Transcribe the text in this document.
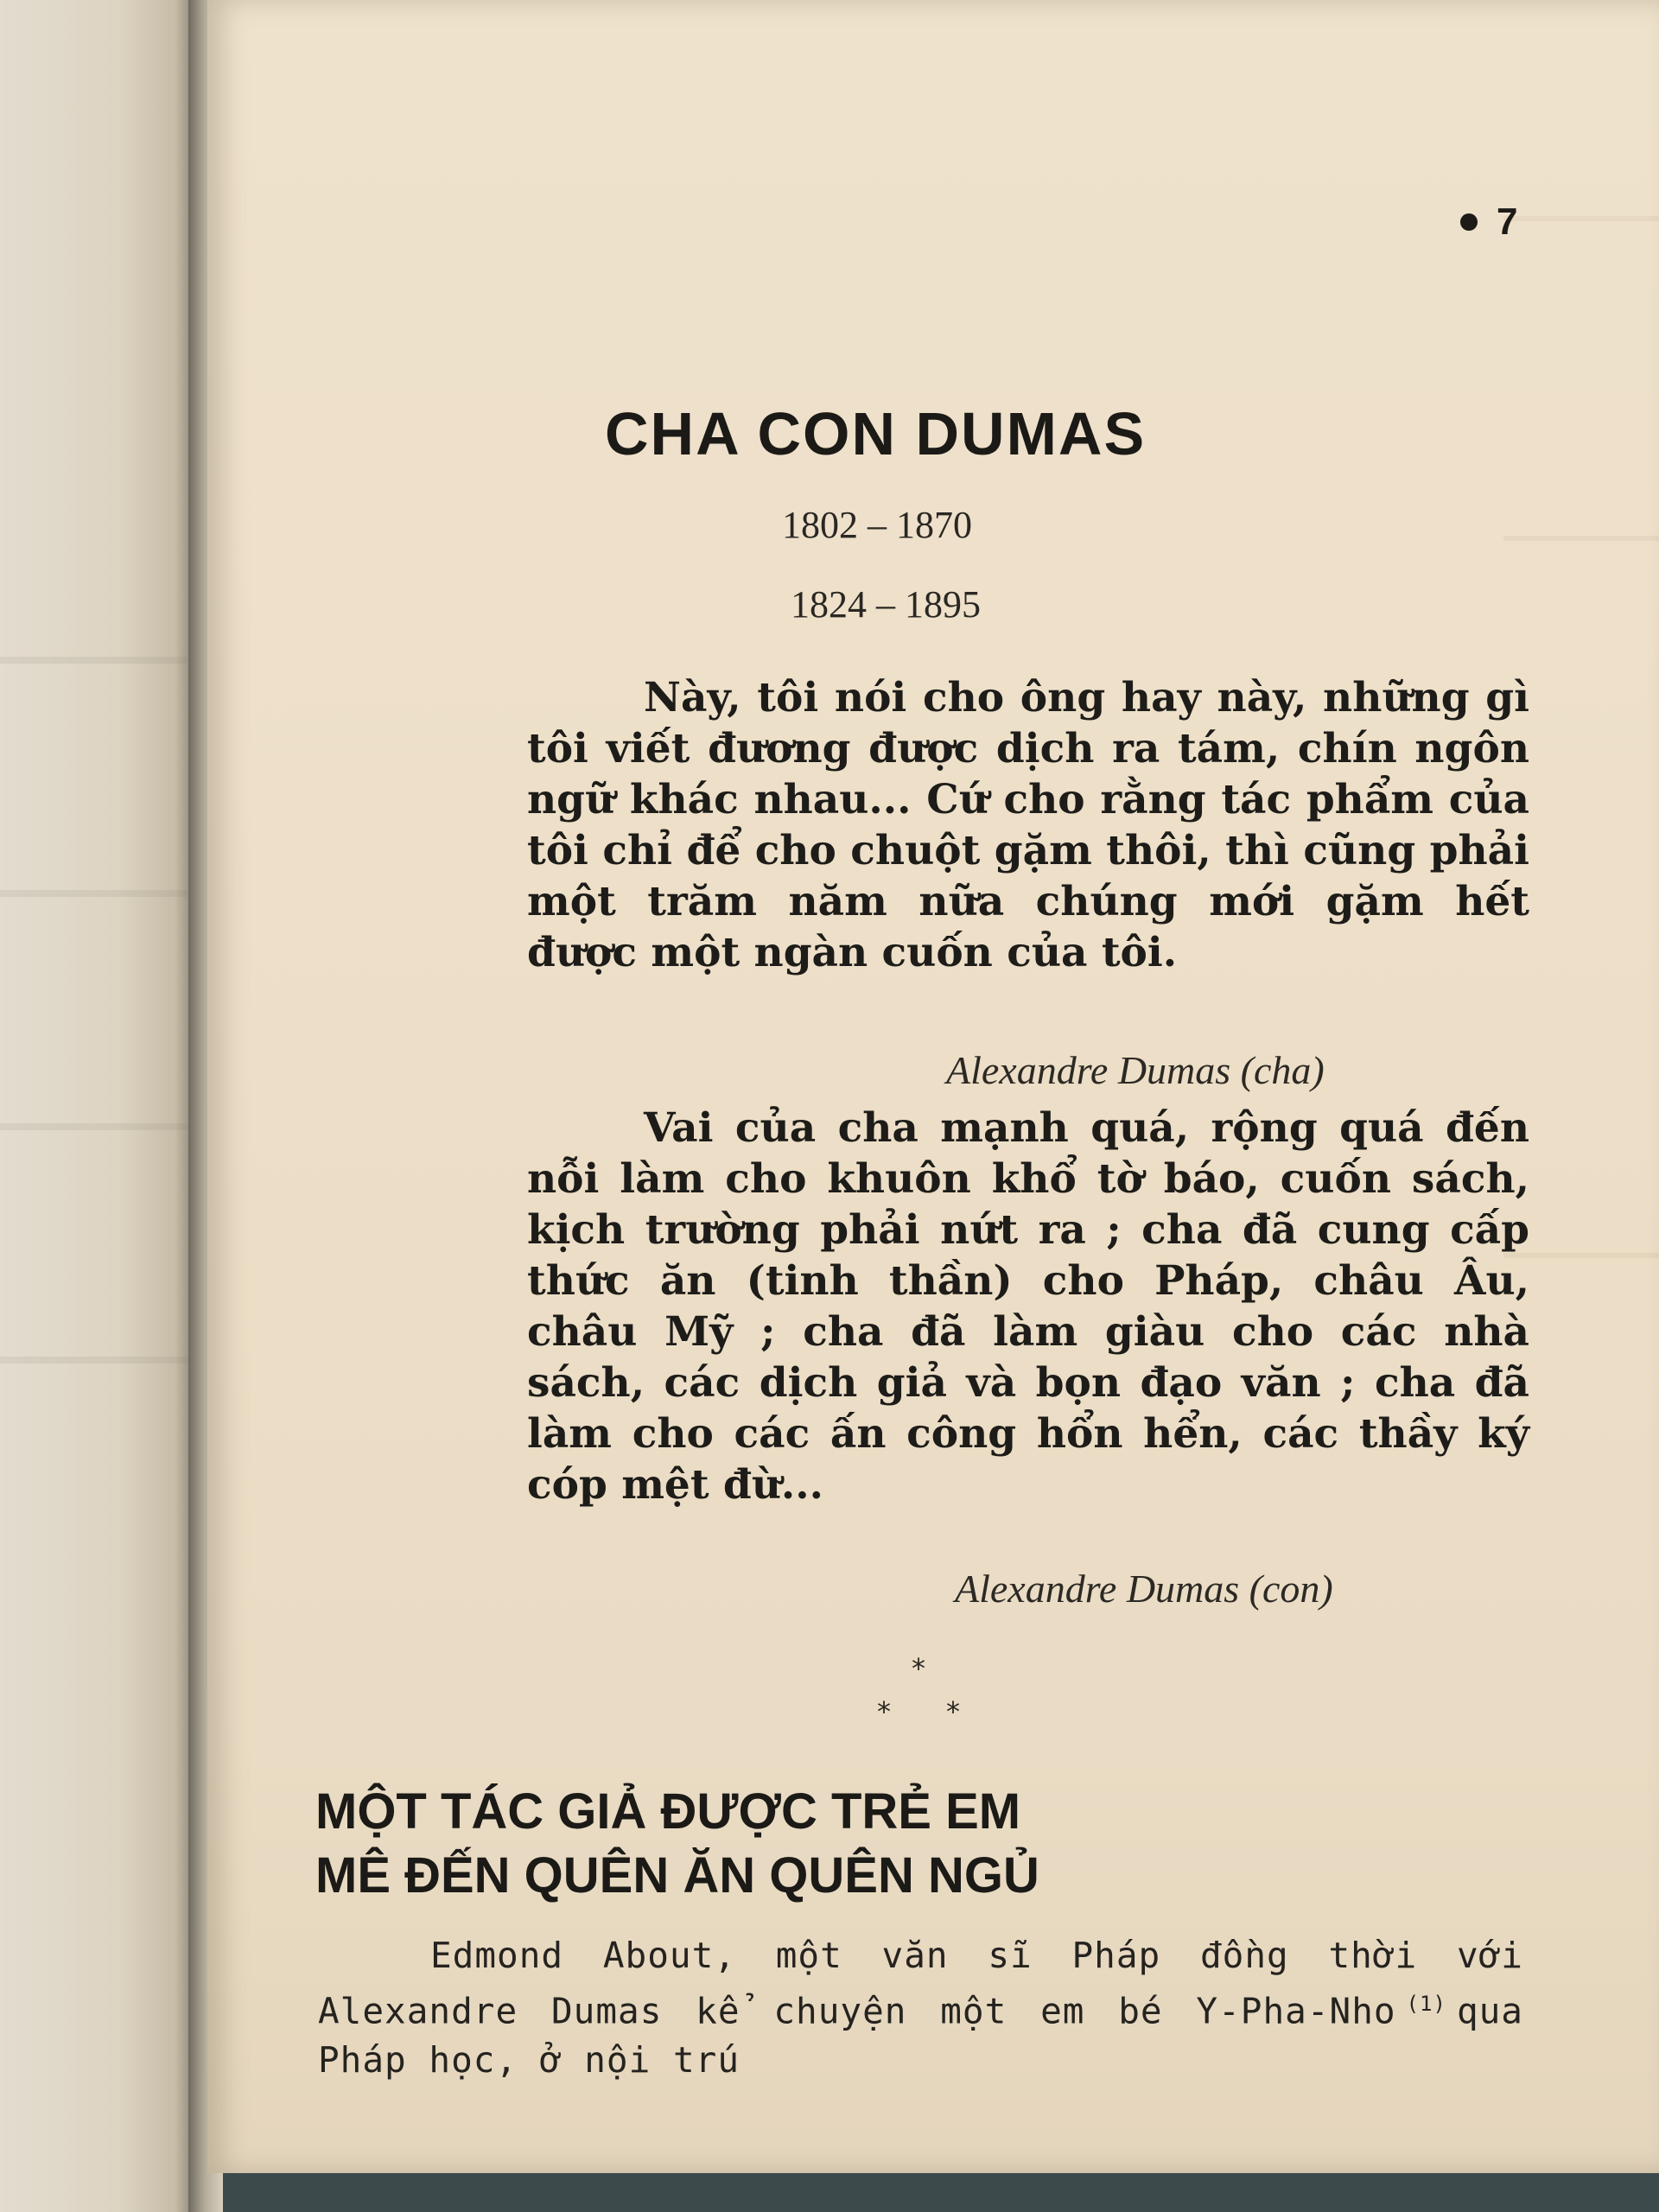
7
CHA CON DUMAS
1802 – 1870
1824 – 1895

Này, tôi nói cho ông hay này, những gì tôi viết đương được dịch ra tám, chín ngôn ngữ khác nhau... Cứ cho rằng tác phẩm của tôi chỉ để cho chuột gặm thôi, thì cũng phải một trăm năm nữa chúng mới gặm hết được một ngàn cuốn của tôi.

Alexandre Dumas (cha)

Vai của cha mạnh quá, rộng quá đến nỗi làm cho khuôn khổ tờ báo, cuốn sách, kịch trường phải nứt ra ; cha đã cung cấp thức ăn (tinh thần) cho Pháp, châu Âu, châu Mỹ ; cha đã làm giàu cho các nhà sách, các dịch giả và bọn đạo văn ; cha đã làm cho các ấn công hổn hển, các thầy ký cóp mệt đừ...

Alexandre Dumas (con)
*
* *
MỘT TÁC GIẢ ĐƯỢC TRẺ EM
MÊ ĐẾN QUÊN ĂN QUÊN NGỦ

Edmond About, một văn sĩ Pháp đồng thời với Alexandre Dumas kể chuyện một em bé Y-Pha-Nho $^{(1)}$ qua Pháp học, ở nội trú
